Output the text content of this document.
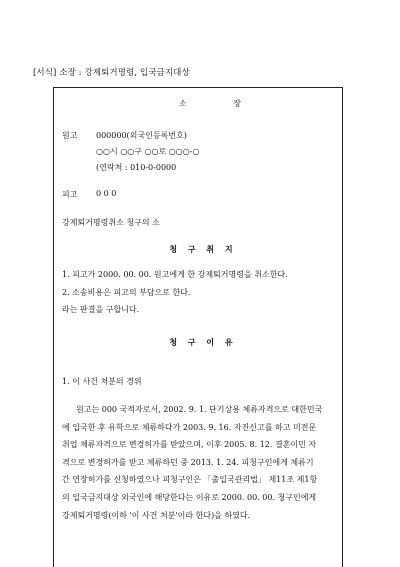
[서식] 소장 : 강제퇴거명령, 입국금지대상
소 장
원고 000000(외국인등록번호)
○○시 ○○구 ○○로 ○○○-○
(연락처 : 010-0-0000
피고 0 0 0
강제퇴거명령취소 청구의 소
청 구 취 지

1. 피고가 2000. 00. 00. 원고에게 한 강제퇴거명령을 취소한다.

2. 소송비용은 피고의 부담으로 한다.

라는 판결을 구합니다.

청 구 이 유
1. 이 사건 처분의 경위

원고는 000 국적자로서, 2002. 9. 1. 단기상용 체류자격으로 대한민국

에 입국한 후 유학으로 체류하다가 2003. 9. 16. 자진신고를 하고 미전문

취업 체류자격으로 변경허가를 받았으며, 이후 2005. 8. 12. 결혼이민 자

격으로 변경허가를 받고 체류하던 중 2013. 1. 24. 피청구인에게 체류기

간 연장허가를 신청하였으나 피청구인은 「출입국관리법」 제11조 제1항

의 입국금지대상 외국인에 해당한다는 이유로 2000. 00. 00. 청구인에게

강제퇴거명령(이하 '이 사건 처분'이라 한다)을 하였다.
